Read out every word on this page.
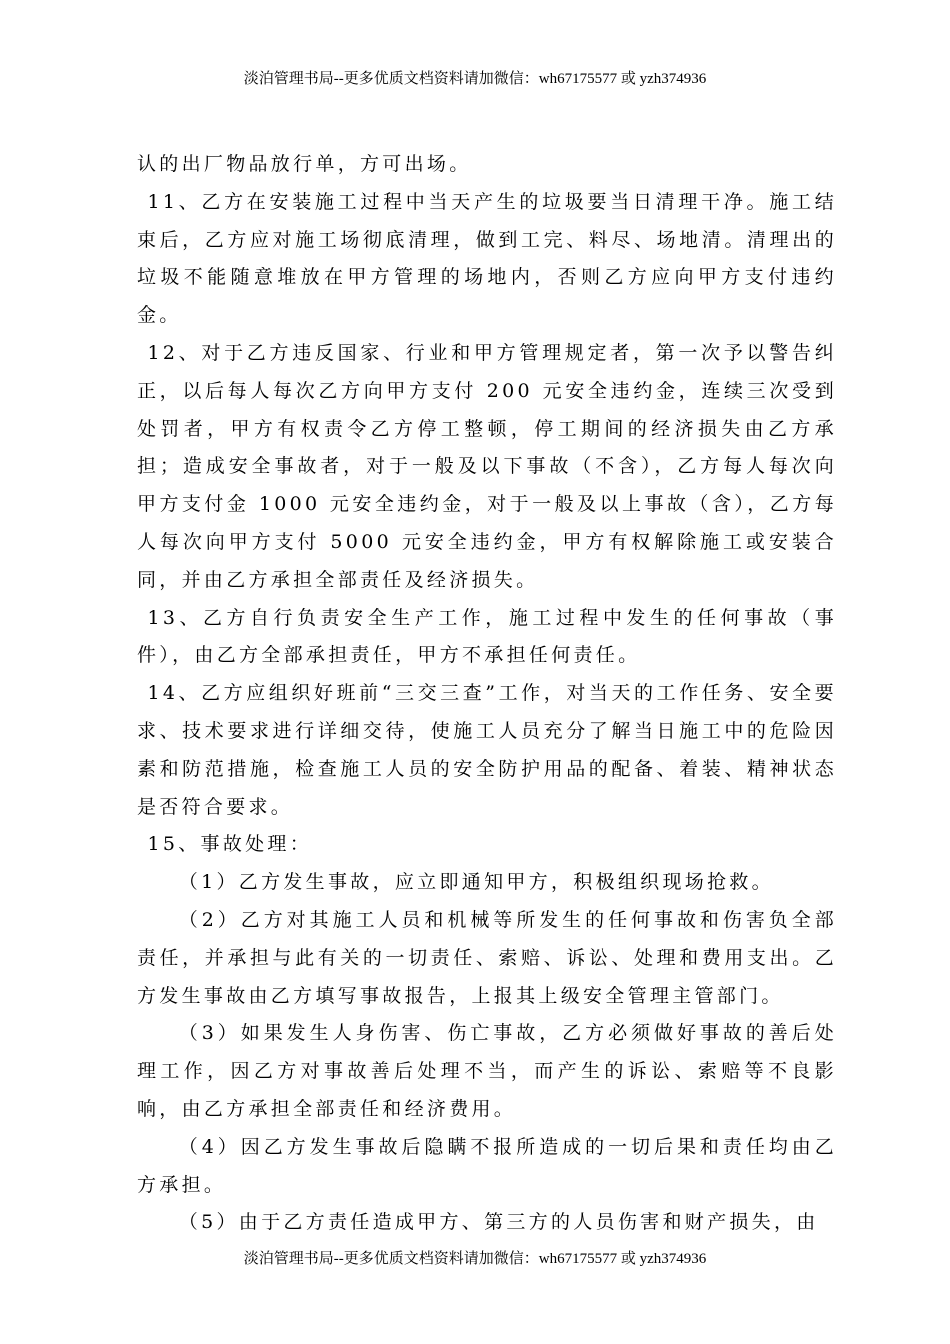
淡泊管理书局--更多优质文档资料请加微信：wh67175577 或 yzh374936

认的出厂物品放行单，方可出场。

11、乙方在安装施工过程中当天产生的垃圾要当日清理干净。施工结束后，乙方应对施工场彻底清理，做到工完、料尽、场地清。清理出的垃圾不能随意堆放在甲方管理的场地内，否则乙方应向甲方支付违约金。

12、对于乙方违反国家、行业和甲方管理规定者，第一次予以警告纠正，以后每人每次乙方向甲方支付 200 元安全违约金，连续三次受到处罚者，甲方有权责令乙方停工整顿，停工期间的经济损失由乙方承担；造成安全事故者，对于一般及以下事故（不含），乙方每人每次向甲方支付金 1000 元安全违约金，对于一般及以上事故（含），乙方每人每次向甲方支付 5000 元安全违约金，甲方有权解除施工或安装合同，并由乙方承担全部责任及经济损失。

13、乙方自行负责安全生产工作，施工过程中发生的任何事故（事件），由乙方全部承担责任，甲方不承担任何责任。

14、乙方应组织好班前“三交三查”工作，对当天的工作任务、安全要求、技术要求进行详细交待，使施工人员充分了解当日施工中的危险因素和防范措施，检查施工人员的安全防护用品的配备、着装、精神状态是否符合要求。

15、事故处理：

（1）乙方发生事故，应立即通知甲方，积极组织现场抢救。

（2）乙方对其施工人员和机械等所发生的任何事故和伤害负全部责任，并承担与此有关的一切责任、索赔、诉讼、处理和费用支出。乙方发生事故由乙方填写事故报告，上报其上级安全管理主管部门。

（3）如果发生人身伤害、伤亡事故，乙方必须做好事故的善后处理工作，因乙方对事故善后处理不当，而产生的诉讼、索赔等不良影响，由乙方承担全部责任和经济费用。

（4）因乙方发生事故后隐瞒不报所造成的一切后果和责任均由乙方承担。

（5）由于乙方责任造成甲方、第三方的人员伤害和财产损失，由

淡泊管理书局--更多优质文档资料请加微信：wh67175577 或 yzh374936
